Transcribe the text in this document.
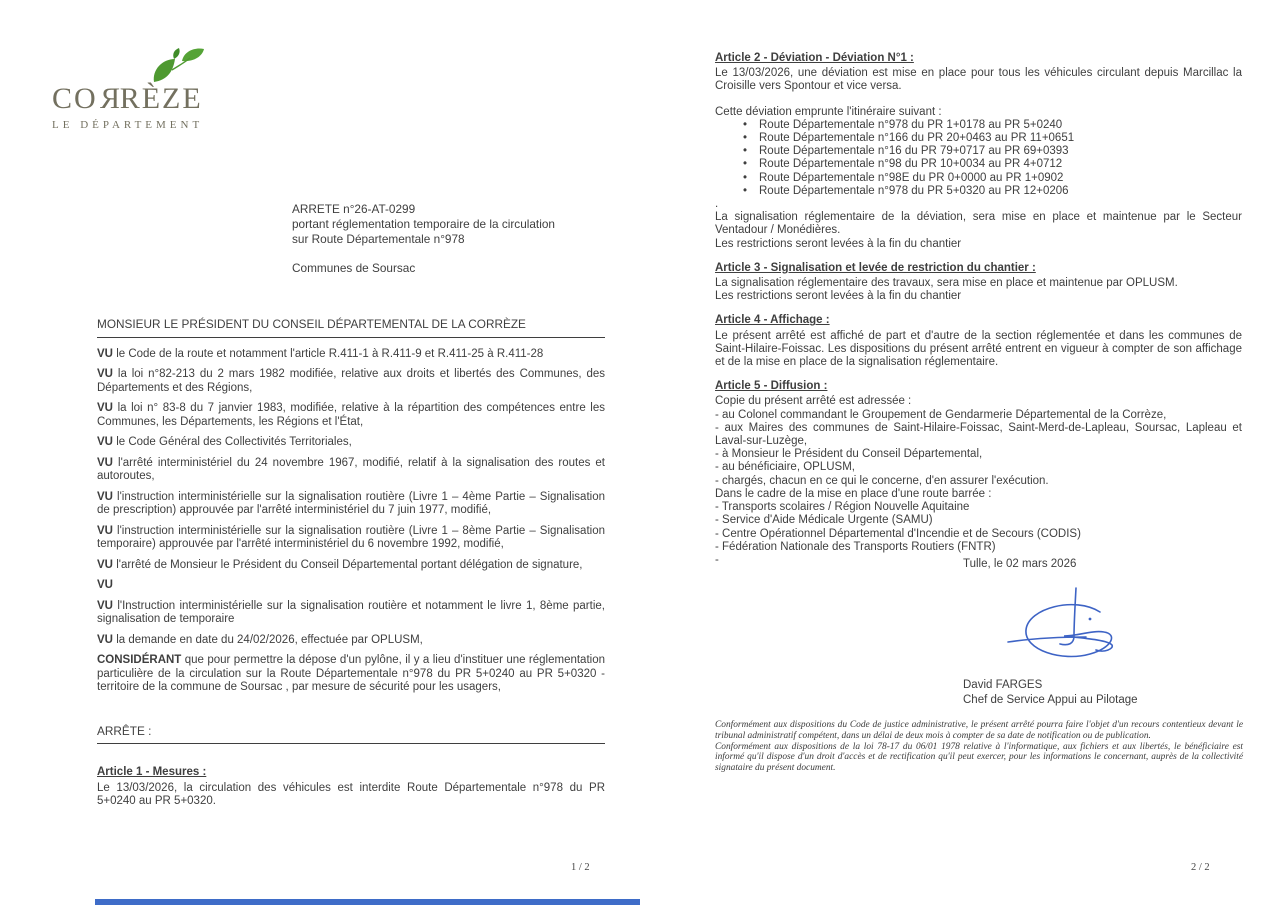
CORRÈZE
LE DÉPARTEMENT
ARRETE n°26-AT-0299
portant réglementation temporaire de la circulation
sur Route Départementale n°978
Communes de Soursac
MONSIEUR LE PRÉSIDENT DU CONSEIL DÉPARTEMENTAL DE LA CORRÈZE

VU le Code de la route et notamment l'article R.411-1 à R.411-9 et R.411-25 à R.411-28

VU la loi n°82-213 du 2 mars 1982 modifiée, relative aux droits et libertés des Communes, des Départements et des Régions,

VU la loi n° 83-8 du 7 janvier 1983, modifiée, relative à la répartition des compétences entre les Communes, les Départements, les Régions et l'État,

VU le Code Général des Collectivités Territoriales,

VU l'arrêté interministériel du 24 novembre 1967, modifié, relatif à la signalisation des routes et autoroutes,

VU l'instruction interministérielle sur la signalisation routière (Livre 1 – 4ème Partie – Signalisation de prescription) approuvée par l'arrêté interministériel du 7 juin 1977, modifié,

VU l'instruction interministérielle sur la signalisation routière (Livre 1 – 8ème Partie – Signalisation temporaire) approuvée par l'arrêté interministériel du 6 novembre 1992, modifié,

VU l'arrêté de Monsieur le Président du Conseil Départemental portant délégation de signature,

VU

VU l'Instruction interministérielle sur la signalisation routière et notamment le livre 1, 8ème partie, signalisation de temporaire

VU la demande en date du 24/02/2026, effectuée par OPLUSM,

CONSIDÉRANT que pour permettre la dépose d'un pylône, il y a lieu d'instituer une réglementation particulière de la circulation sur la Route Départementale n°978 du PR 5+0240 au PR 5+0320 - territoire de la commune de Soursac , par mesure de sécurité pour les usagers,

ARRÊTE :
Article 1 - Mesures :
Le 13/03/2026, la circulation des véhicules est interdite Route Départementale n°978 du PR 5+0240 au PR 5+0320.
1 / 2
Article 2 - Déviation - Déviation N°1 :
Le 13/03/2026, une déviation est mise en place pour tous les véhicules circulant depuis Marcillac la Croisille vers Spontour et vice versa.
Cette déviation emprunte l'itinéraire suivant :
•	Route Départementale n°978 du PR 1+0178 au PR 5+0240
•	Route Départementale n°166 du PR 20+0463 au PR 11+0651
•	Route Départementale n°16 du PR 79+0717 au PR 69+0393
•	Route Départementale n°98 du PR 10+0034 au PR 4+0712
•	Route Départementale n°98E du PR 0+0000 au PR 1+0902
•	Route Départementale n°978 du PR 5+0320 au PR 12+0206
.
La signalisation réglementaire de la déviation, sera mise en place et maintenue par le Secteur Ventadour / Monédières.
Les restrictions seront levées à la fin du chantier
Article 3 - Signalisation et levée de restriction du chantier :
La signalisation réglementaire des travaux, sera mise en place et maintenue par OPLUSM.
Les restrictions seront levées à la fin du chantier
Article 4 - Affichage :
Le présent arrêté est affiché de part et d'autre de la section réglementée et dans les communes de Saint-Hilaire-Foissac. Les dispositions du présent arrêté entrent en vigueur à compter de son affichage et de la mise en place de la signalisation réglementaire.
Article 5 - Diffusion :
Copie du présent arrêté est adressée :
- au Colonel commandant le Groupement de Gendarmerie Départemental de la Corrèze,
- aux Maires des communes de Saint-Hilaire-Foissac, Saint-Merd-de-Lapleau, Soursac, Lapleau et Laval-sur-Luzège,
- à Monsieur le Président du Conseil Départemental,
- au bénéficiaire, OPLUSM,
- chargés, chacun en ce qui le concerne, d'en assurer l'exécution.
Dans le cadre de la mise en place d'une route barrée :
- Transports scolaires / Région Nouvelle Aquitaine
- Service d'Aide Médicale Urgente (SAMU)
- Centre Opérationnel Départemental d'Incendie et de Secours (CODIS)
- Fédération Nationale des Transports Routiers (FNTR)
-	Tulle, le 02 mars 2026
David FARGES
Chef de Service Appui au Pilotage

Conformément aux dispositions du Code de justice administrative, le présent arrêté pourra faire l'objet d'un recours contentieux devant le tribunal administratif compétent, dans un délai de deux mois à compter de sa date de notification ou de publication.

Conformément aux dispositions de la loi 78-17 du 06/01 1978 relative à l'informatique, aux fichiers et aux libertés, le bénéficiaire est informé qu'il dispose d'un droit d'accès et de rectification qu'il peut exercer, pour les informations le concernant, auprès de la collectivité signataire du présent document.

2 / 2
